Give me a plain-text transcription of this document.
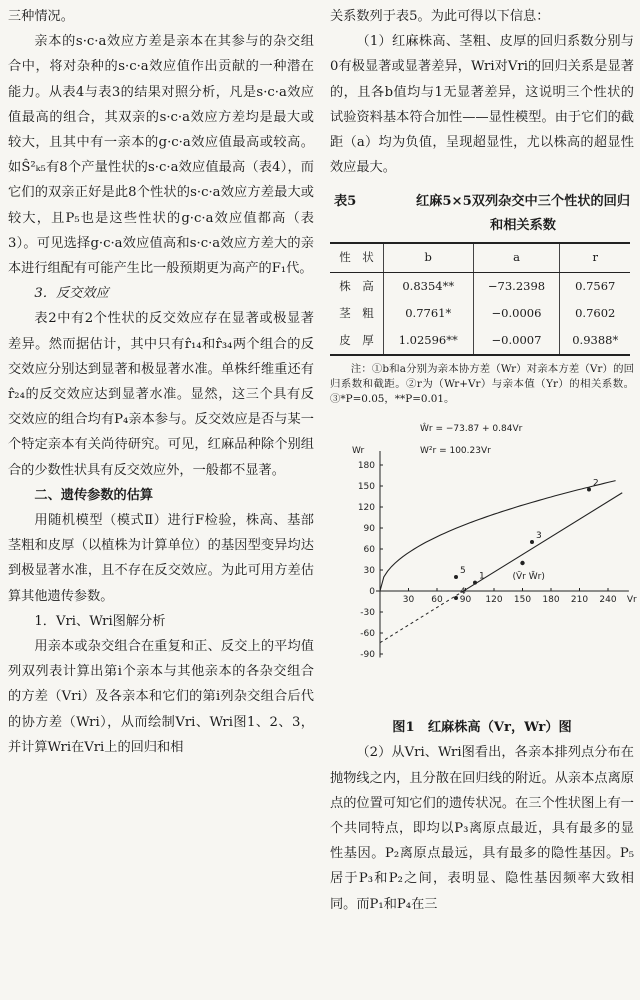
三种情况。

亲本的s·c·a效应方差是亲本在其参与的杂交组合中，将对杂种的s·c·a效应值作出贡献的一种潜在能力。从表4与表3的结果对照分析，凡是s·c·a效应值最高的组合，其双亲的s·c·a效应方差均是最大或较大，且其中有一亲本的g·c·a效应值最高或较高。如Ŝ²ₖ₅有8个产量性状的s·c·a效应值最高（表4），而它们的双亲正好是此8个性状的s·c·a效应方差最大或较大，且P₅也是这些性状的g·c·a效应值都高（表3）。可见选择g·c·a效应值高和s·c·a效应方差大的亲本进行组配有可能产生比一般预期更为高产的F₁代。

3．反交效应

表2中有2个性状的反交效应存在显著或极显著差异。然而据估计，其中只有r̂₁₄和r̂₃₄两个组合的反交效应分别达到显著和极显著水准。单株纤维重还有r̂₂₄的反交效应达到显著水准。显然，这三个具有反交效应的组合均有P₄亲本参与。反交效应是否与某一个特定亲本有关尚待研究。可见，红麻品种除个别组合的少数性状具有反交效应外，一般都不显著。

二、遗传参数的估算

用随机模型（模式Ⅱ）进行F检验，株高、基部茎粗和皮厚（以植株为计算单位）的基因型变异均达到极显著水准，且不存在反交效应。为此可用方差估算其他遗传参数。

1．Vri、Wri图解分析

用亲本或杂交组合在重复和正、反交上的平均值列双列表计算出第i个亲本与其他亲本的各杂交组合的方差（Vri）及各亲本和它们的第i列杂交组合后代的协方差（Wri），从而绘制Vri、Wri图1、2、3，并计算Wri在Vri上的回归和相

关系数列于表5。为此可得以下信息：

（1）红麻株高、茎粗、皮厚的回归系数分别与0有极显著或显著差异，Wri对Vri的回归关系是显著的，且各b值均与1无显著差异，这说明三个性状的试验资料基本符合加性——显性模型。由于它们的截距（a）均为负值，呈现超显性，尤以株高的超显性效应最大。

表5	红麻5×5双列杂交中三个性状的回归和相关系数
性　状	b	a	r
株　高	0.8354**	−73.2398	0.7567
茎　粗	0.7761*	−0.0006	0.7602
皮　厚	1.02596**	−0.0007	0.9388*

注：①b和a分别为亲本协方差（Wr）对亲本方差（Vr）的回归系数和截距。②r为（Wr+Vr）与亲本值（Yr）的相关系数。③*P=0.05，**P=0.01。

30 60 90 120 150 180 210 240
180
150
120
90
60
30
0
-30
-60
-90
1
2
3
4
5
Wr
Vr
Ŵr = −73.87 + 0.84Vr
W²r = 100.23Vr
(V̄r W̄r)

图1　红麻株高（Vr，Wr）图

（2）从Vri、Wri图看出，各亲本排列点分布在抛物线之内，且分散在回归线的附近。从亲本点离原点的位置可知它们的遗传状况。在三个性状图上有一个共同特点，即均以P₃离原点最近，具有最多的显性基因。P₂离原点最远，具有最多的隐性基因。P₅居于P₃和P₂之间，表明显、隐性基因频率大致相同。而P₁和P₄在三
